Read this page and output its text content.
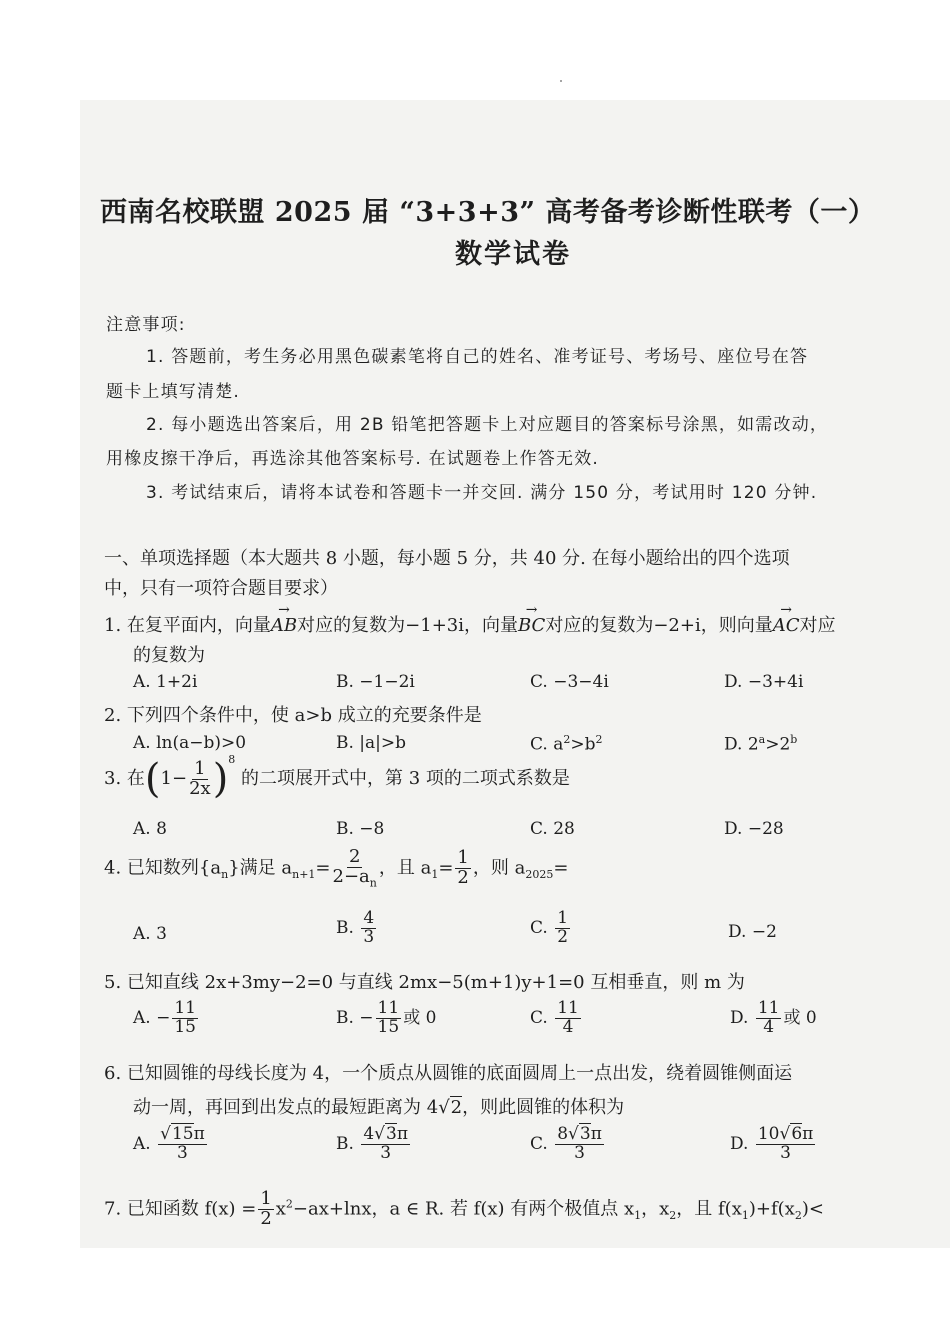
西南名校联盟 2025 届 “3+3+3” 高考备考诊断性联考（一）
数学试卷
注意事项:
1. 答题前，考生务必用黑色碳素笔将自己的姓名、准考证号、考场号、座位号在答
题卡上填写清楚.
2. 每小题选出答案后，用 2B 铅笔把答题卡上对应题目的答案标号涂黑，如需改动，
用橡皮擦干净后，再选涂其他答案标号. 在试题卷上作答无效.
3. 考试结束后，请将本试卷和答题卡一并交回. 满分 150 分，考试用时 120 分钟.
一、单项选择题（本大题共 8 小题，每小题 5 分，共 40 分. 在每小题给出的四个选项
中，只有一项符合题目要求）
1. 在复平面内，向量→ AB对应的复数为−1+3i，向量→ BC对应的复数为−2+i，则向量→ AC对应
的复数为
A. 1+2i	B. −1−2i	C. −3−4i	D. −3+4i
2. 下列四个条件中，使 a>b 成立的充要条件是
A. ln(a−b)>0	B. |a|>b	C. $a^2>b^2$	D. $2^a>2^b$
3. 在$(1- \frac{1}{2x} )^8$ 的二项展开式中，第 3 项的二项式系数是
A. 8	B. −8	C. 28	D. −28
4. 已知数列$\{a_n\}$满足 $a_{n+1}= \frac{2}{2-a_n}$ ，且 $a_1= \frac{1}{2}$ ，则 $a_{2025}=$
A. 3	B. $\frac{4}{3}$	C. $\frac{1}{2}$	D. −2
5. 已知直线 2x+3my−2=0 与直线 2mx−5(m+1)y+1=0 互相垂直，则 m 为
A. − $\frac{11}{15}$	B. − $\frac{11}{15}$ 或 0	C. $\frac{11}{4}$	D. $\frac{11}{4}$ 或 0
6. 已知圆锥的母线长度为 4，一个质点从圆锥的底面圆周上一点出发，绕着圆锥侧面运
动一周，再回到出发点的最短距离为 4√2，则此圆锥的体积为
A. $\frac{√15\pi}{3}$	B. $\frac{4√3\pi}{3}$	C. $\frac{8√3\pi}{3}$	D. $\frac{10√6\pi}{3}$
7. 已知函数 $f(x) = \frac{1}{2} x^2-ax+\ln x$，a ∈ R. 若 f(x) 有两个极值点 $x_1$，$x_2$，且 $f(x_1)+f(x_2)<$
